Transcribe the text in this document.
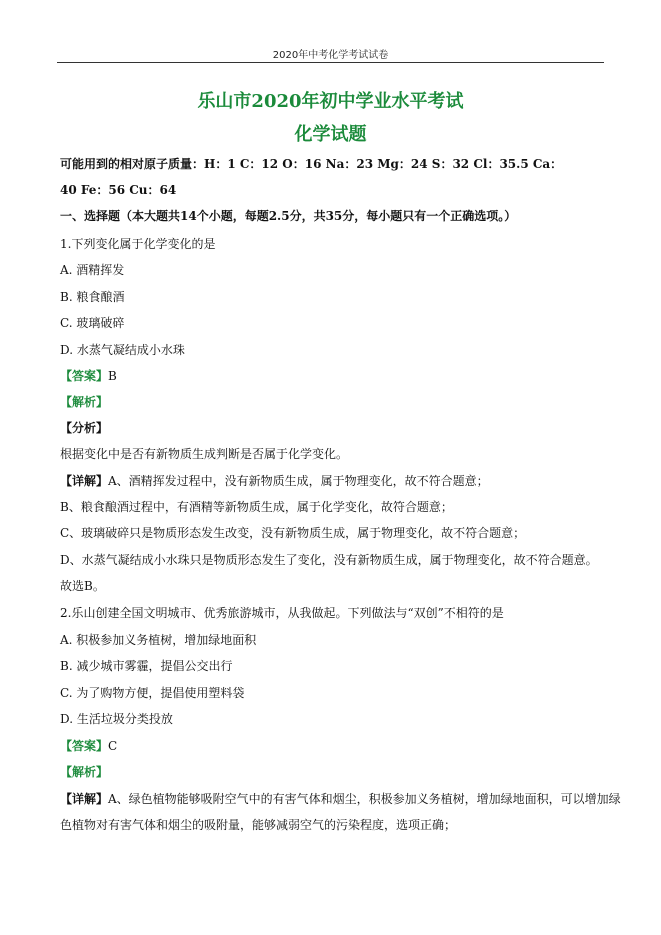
2020年中考化学考试试卷
乐山市2020年初中学业水平考试
化学试题
可能用到的相对原子质量：H：1 C：12 O：16 Na：23 Mg：24 S：32 Cl：35.5 Ca：
40 Fe：56 Cu：64
一、选择题（本大题共14个小题，每题2.5分，共35分，每小题只有一个正确选项。）
1.下列变化属于化学变化的是
A. 酒精挥发
B. 粮食酿酒
C. 玻璃破碎
D. 水蒸气凝结成小水珠
【答案】B
【解析】
【分析】
根据变化中是否有新物质生成判断是否属于化学变化。
【详解】A、酒精挥发过程中，没有新物质生成，属于物理变化，故不符合题意；
B、粮食酿酒过程中，有酒精等新物质生成，属于化学变化，故符合题意；
C、玻璃破碎只是物质形态发生改变，没有新物质生成，属于物理变化，故不符合题意；
D、水蒸气凝结成小水珠只是物质形态发生了变化，没有新物质生成，属于物理变化，故不符合题意。
故选B。
2.乐山创建全国文明城市、优秀旅游城市，从我做起。下列做法与“双创”不相符的是
A. 积极参加义务植树，增加绿地面积
B. 减少城市雾霾，提倡公交出行
C. 为了购物方便，提倡使用塑料袋
D. 生活垃圾分类投放
【答案】C
【解析】
【详解】A、绿色植物能够吸附空气中的有害气体和烟尘，积极参加义务植树，增加绿地面积，可以增加绿
色植物对有害气体和烟尘的吸附量，能够减弱空气的污染程度，选项正确；
